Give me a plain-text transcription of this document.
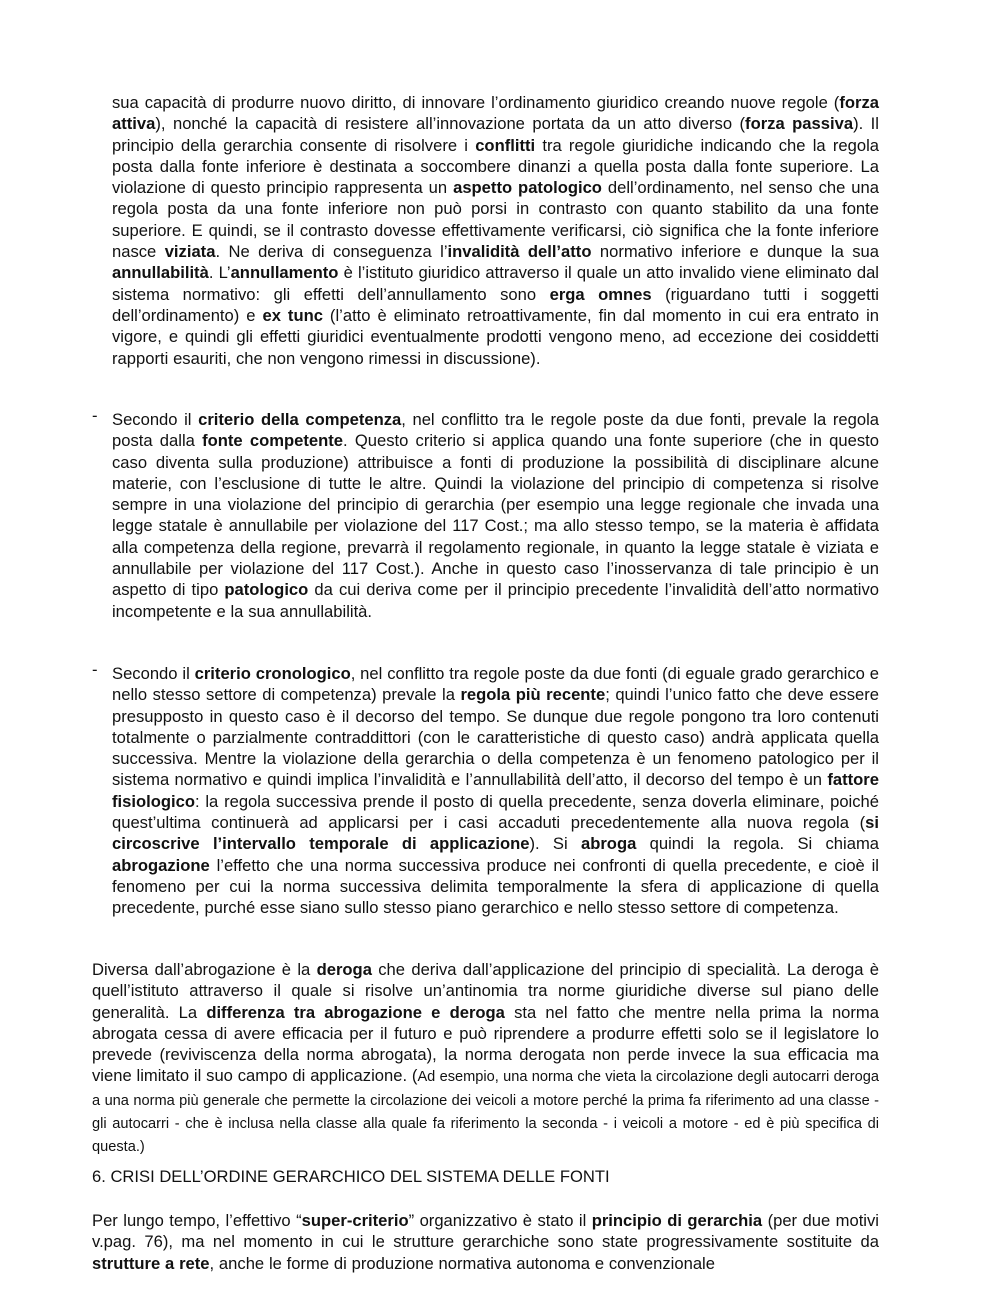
sua capacità di produrre nuovo diritto, di innovare l’ordinamento giuridico creando nuove regole (forza attiva), nonché la capacità di resistere all’innovazione portata da un atto diverso (forza passiva). Il principio della gerarchia consente di risolvere i conflitti tra regole giuridiche indicando che la regola posta dalla fonte inferiore è destinata a soccombere dinanzi a quella posta dalla fonte superiore. La violazione di questo principio rappresenta un aspetto patologico dell’ordinamento, nel senso che una regola posta da una fonte inferiore non può porsi in contrasto con quanto stabilito da una fonte superiore. E quindi, se il contrasto dovesse effettivamente verificarsi, ciò significa che la fonte inferiore nasce viziata. Ne deriva di conseguenza l’invalidità dell’atto normativo inferiore e dunque la sua annullabilità. L’annullamento è l’istituto giuridico attraverso il quale un atto invalido viene eliminato dal sistema normativo: gli effetti dell’annullamento sono erga omnes (riguardano tutti i soggetti dell’ordinamento) e ex tunc (l’atto è eliminato retroattivamente, fin dal momento in cui era entrato in vigore, e quindi gli effetti giuridici eventualmente prodotti vengono meno, ad eccezione dei cosiddetti rapporti esauriti, che non vengono rimessi in discussione).

- Secondo il criterio della competenza, nel conflitto tra le regole poste da due fonti, prevale la regola posta dalla fonte competente. Questo criterio si applica quando una fonte superiore (che in questo caso diventa sulla produzione) attribuisce a fonti di produzione la possibilità di disciplinare alcune materie, con l’esclusione di tutte le altre. Quindi la violazione del principio di competenza si risolve sempre in una violazione del principio di gerarchia (per esempio una legge regionale che invada una legge statale è annullabile per violazione del 117 Cost.; ma allo stesso tempo, se la materia è affidata alla competenza della regione, prevarrà il regolamento regionale, in quanto la legge statale è viziata e annullabile per violazione del 117 Cost.). Anche in questo caso l’inosservanza di tale principio è un aspetto di tipo patologico da cui deriva come per il principio precedente l’invalidità dell’atto normativo incompetente e la sua annullabilità.

- Secondo il criterio cronologico, nel conflitto tra regole poste da due fonti (di eguale grado gerarchico e nello stesso settore di competenza) prevale la regola più recente; quindi l’unico fatto che deve essere presupposto in questo caso è il decorso del tempo. Se dunque due regole pongono tra loro contenuti totalmente o parzialmente contraddittori (con le caratteristiche di questo caso) andrà applicata quella successiva. Mentre la violazione della gerarchia o della competenza è un fenomeno patologico per il sistema normativo e quindi implica l’invalidità e l’annullabilità dell’atto, il decorso del tempo è un fattore fisiologico: la regola successiva prende il posto di quella precedente, senza doverla eliminare, poiché quest’ultima continuerà ad applicarsi per i casi accaduti precedentemente alla nuova regola (si circoscrive l’intervallo temporale di applicazione). Si abroga quindi la regola. Si chiama abrogazione l’effetto che una norma successiva produce nei confronti di quella precedente, e cioè il fenomeno per cui la norma successiva delimita temporalmente la sfera di applicazione di quella precedente, purché esse siano sullo stesso piano gerarchico e nello stesso settore di competenza.

Diversa dall’abrogazione è la deroga che deriva dall’applicazione del principio di specialità. La deroga è quell’istituto attraverso il quale si risolve un’antinomia tra norme giuridiche diverse sul piano delle generalità. La differenza tra abrogazione e deroga sta nel fatto che mentre nella prima la norma abrogata cessa di avere efficacia per il futuro e può riprendere a produrre effetti solo se il legislatore lo prevede (reviviscenza della norma abrogata), la norma derogata non perde invece la sua efficacia ma viene limitato il suo campo di applicazione. (Ad esempio, una norma che vieta la circolazione degli autocarri deroga a una norma più generale che permette la circolazione dei veicoli a motore perché la prima fa riferimento ad una classe - gli autocarri - che è inclusa nella classe alla quale fa riferimento la seconda - i veicoli a motore - ed è più specifica di questa.)

6. CRISI DELL’ORDINE GERARCHICO DEL SISTEMA DELLE FONTI

Per lungo tempo, l’effettivo “super-criterio” organizzativo è stato il principio di gerarchia (per due motivi v.pag. 76), ma nel momento in cui le strutture gerarchiche sono state progressivamente sostituite da strutture a rete, anche le forme di produzione normativa autonoma e convenzionale
